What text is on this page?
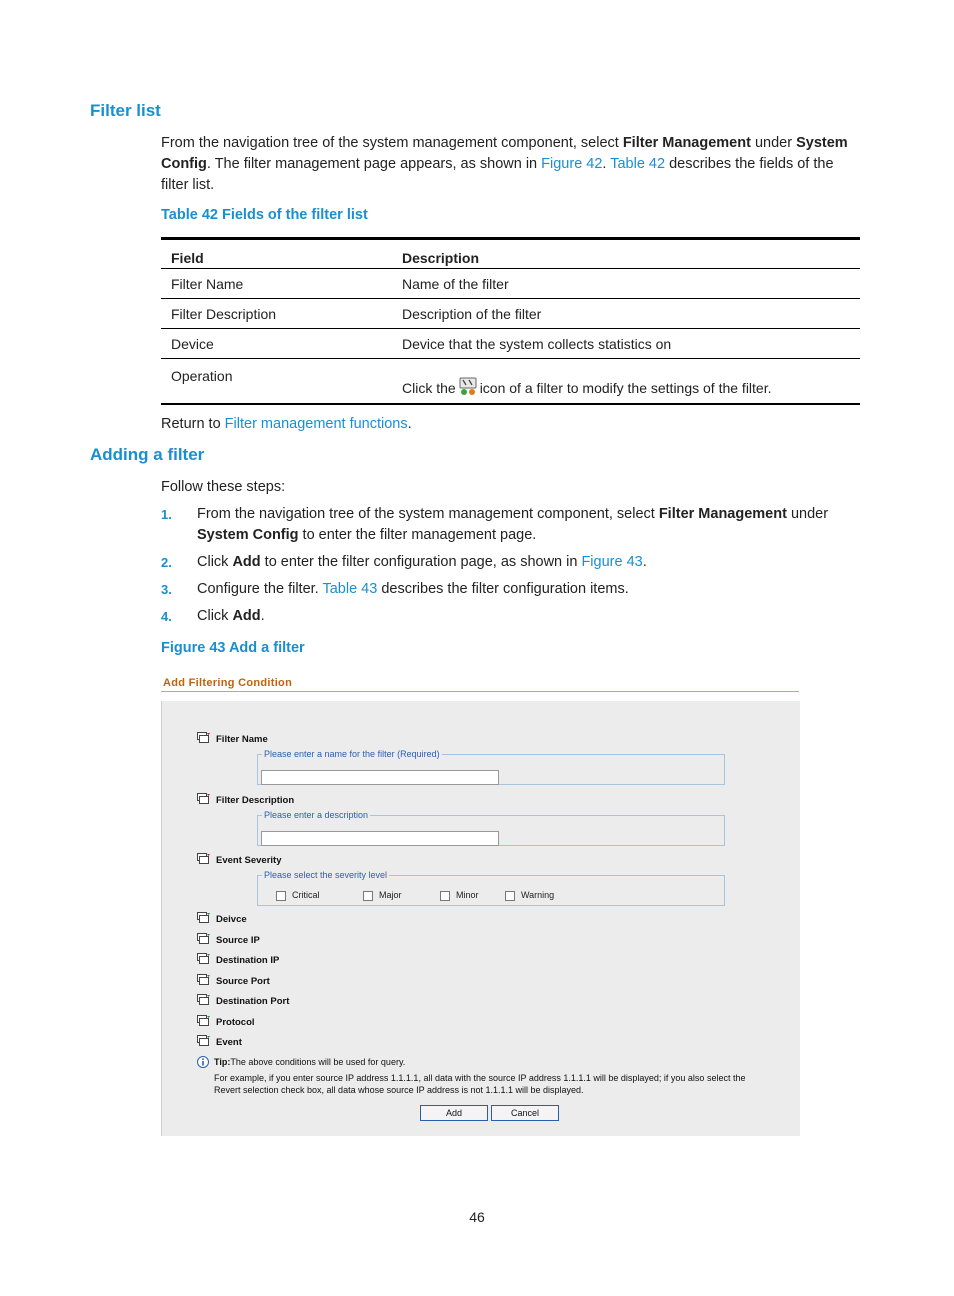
Filter list

From the navigation tree of the system management component, select Filter Management under System Config. The filter management page appears, as shown in Figure 42. Table 42 describes the fields of the filter list.

Table 42 Fields of the filter list

Field	Description
Filter Name	Name of the filter
Filter Description	Description of the filter
Device	Device that the system collects statistics on
Operation	Click the icon of a filter to modify the settings of the filter.

Return to Filter management functions.

Adding a filter

Follow these steps:

1. From the navigation tree of the system management component, select Filter Management under System Config to enter the filter management page.
2. Click Add to enter the filter configuration page, as shown in Figure 43.
3. Configure the filter. Table 43 describes the filter configuration items.
4. Click Add.

Figure 43 Add a filter

Add Filtering Condition
Filter Name
Please enter a name for the filter (Required)
Filter Description
Please enter a description
Event Severity
Please select the severity level
Critical	Major	Minor	Warning
Deivce
Source IP
Destination IP
Source Port
Destination Port
Protocol
Event
Tip:The above conditions will be used for query.
For example, if you enter source IP address 1.1.1.1, all data with the source IP address 1.1.1.1 will be displayed; if you also select the
Revert selection check box, all data whose source IP address is not 1.1.1.1 will be displayed.
Add	Cancel
46
